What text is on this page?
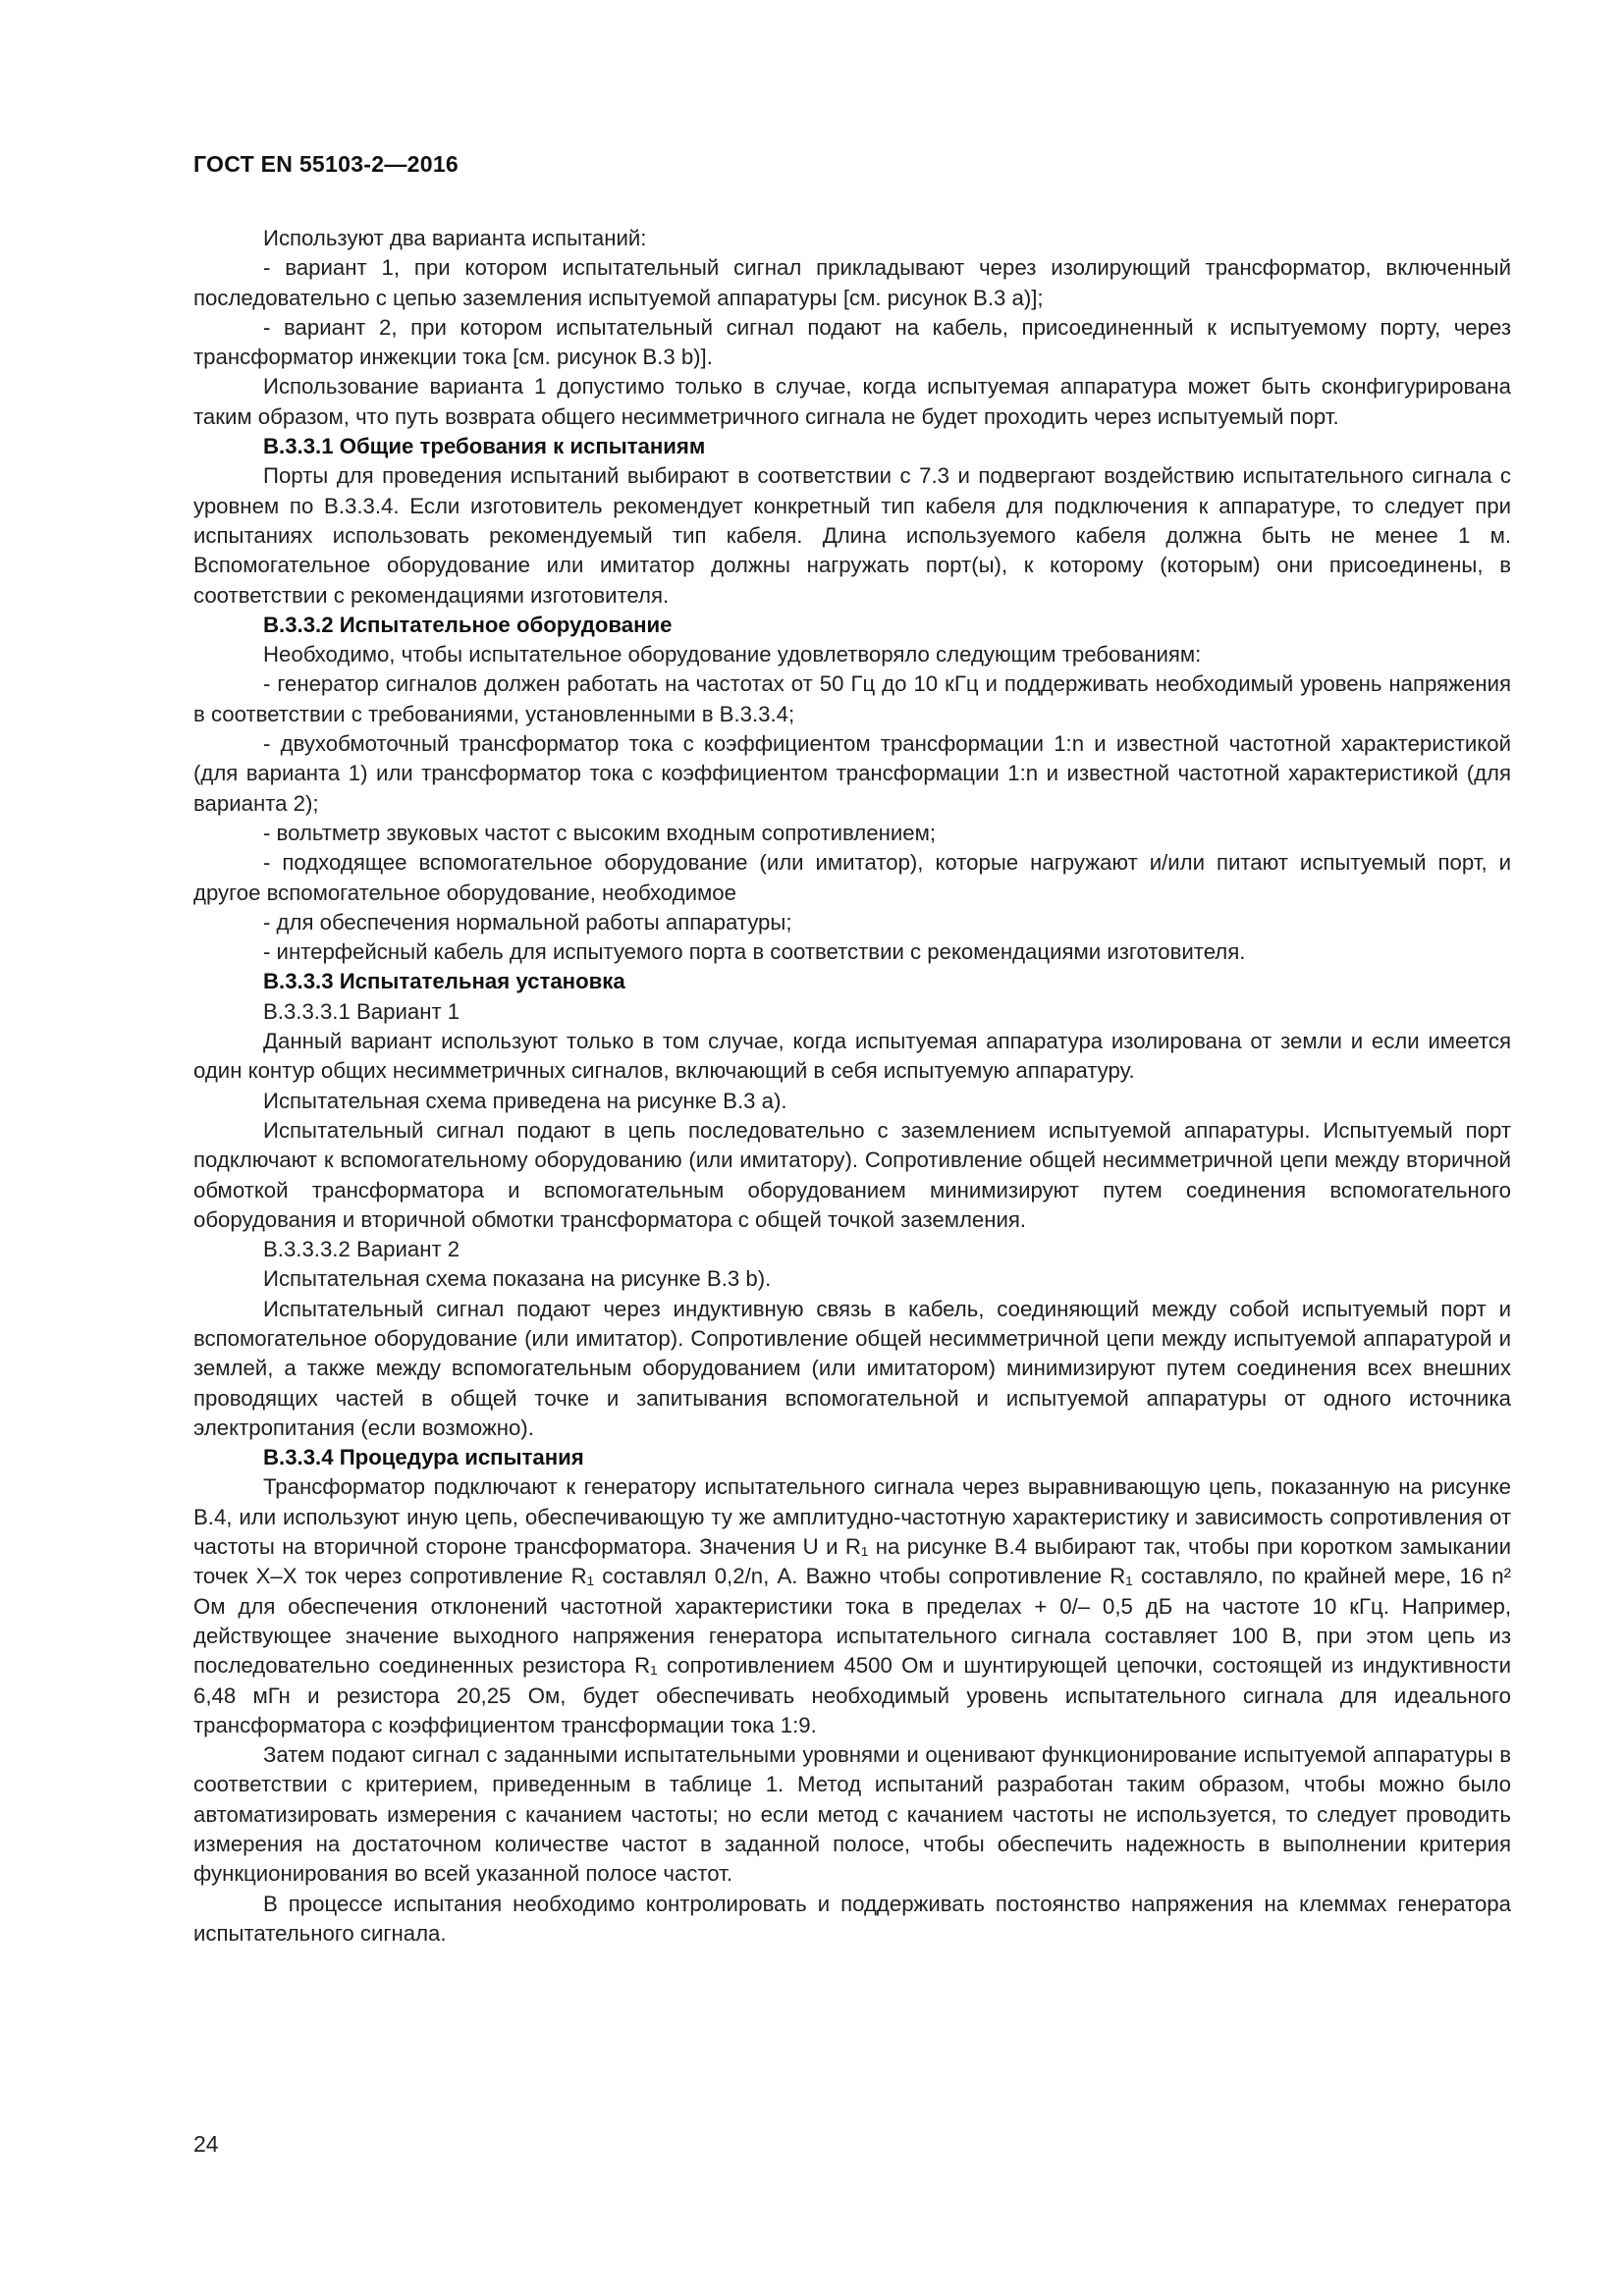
ГОСТ EN 55103-2—2016

Используют два варианта испытаний:

- вариант 1, при котором испытательный сигнал прикладывают через изолирующий трансформатор, включенный последовательно с цепью заземления испытуемой аппаратуры [см. рисунок B.3 a)];

- вариант 2, при котором испытательный сигнал подают на кабель, присоединенный к испытуемому порту, через трансформатор инжекции тока [см. рисунок B.3 b)].

Использование варианта 1 допустимо только в случае, когда испытуемая аппаратура может быть сконфигурирована таким образом, что путь возврата общего несимметричного сигнала не будет проходить через испытуемый порт.

B.3.3.1 Общие требования к испытаниям

Порты для проведения испытаний выбирают в соответствии с 7.3 и подвергают воздействию испытательного сигнала с уровнем по B.3.3.4. Если изготовитель рекомендует конкретный тип кабеля для подключения к аппаратуре, то следует при испытаниях использовать рекомендуемый тип кабеля. Длина используемого кабеля должна быть не менее 1 м. Вспомогательное оборудование или имитатор должны нагружать порт(ы), к которому (которым) они присоединены, в соответствии с рекомендациями изготовителя.

B.3.3.2 Испытательное оборудование

Необходимо, чтобы испытательное оборудование удовлетворяло следующим требованиям:

- генератор сигналов должен работать на частотах от 50 Гц до 10 кГц и поддерживать необходимый уровень напряжения в соответствии с требованиями, установленными в B.3.3.4;

- двухобмоточный трансформатор тока с коэффициентом трансформации 1:n и известной частотной характеристикой (для варианта 1) или трансформатор тока с коэффициентом трансформации 1:n и известной частотной характеристикой (для варианта 2);

- вольтметр звуковых частот с высоким входным сопротивлением;

- подходящее вспомогательное оборудование (или имитатор), которые нагружают и/или питают испытуемый порт, и другое вспомогательное оборудование, необходимое

- для обеспечения нормальной работы аппаратуры;

- интерфейсный кабель для испытуемого порта в соответствии с рекомендациями изготовителя.

B.3.3.3 Испытательная установка

B.3.3.3.1 Вариант 1

Данный вариант используют только в том случае, когда испытуемая аппаратура изолирована от земли и если имеется один контур общих несимметричных сигналов, включающий в себя испытуемую аппаратуру.

Испытательная схема приведена на рисунке B.3 a).

Испытательный сигнал подают в цепь последовательно с заземлением испытуемой аппаратуры. Испытуемый порт подключают к вспомогательному оборудованию (или имитатору). Сопротивление общей несимметричной цепи между вторичной обмоткой трансформатора и вспомогательным оборудованием минимизируют путем соединения вспомогательного оборудования и вторичной обмотки трансформатора с общей точкой заземления.

B.3.3.3.2 Вариант 2

Испытательная схема показана на рисунке B.3 b).

Испытательный сигнал подают через индуктивную связь в кабель, соединяющий между собой испытуемый порт и вспомогательное оборудование (или имитатор). Сопротивление общей несимметричной цепи между испытуемой аппаратурой и землей, а также между вспомогательным оборудованием (или имитатором) минимизируют путем соединения всех внешних проводящих частей в общей точке и запитывания вспомогательной и испытуемой аппаратуры от одного источника электропитания (если возможно).

B.3.3.4 Процедура испытания

Трансформатор подключают к генератору испытательного сигнала через выравнивающую цепь, показанную на рисунке B.4, или используют иную цепь, обеспечивающую ту же амплитудно-частотную характеристику и зависимость сопротивления от частоты на вторичной стороне трансформатора. Значения U и R₁ на рисунке B.4 выбирают так, чтобы при коротком замыкании точек X–X ток через сопротивление R₁ составлял 0,2/n, А. Важно чтобы сопротивление R₁ составляло, по крайней мере, 16 n² Ом для обеспечения отклонений частотной характеристики тока в пределах + 0/– 0,5 дБ на частоте 10 кГц. Например, действующее значение выходного напряжения генератора испытательного сигнала составляет 100 В, при этом цепь из последовательно соединенных резистора R₁ сопротивлением 4500 Ом и шунтирующей цепочки, состоящей из индуктивности 6,48 мГн и резистора 20,25 Ом, будет обеспечивать необходимый уровень испытательного сигнала для идеального трансформатора с коэффициентом трансформации тока 1:9.

Затем подают сигнал с заданными испытательными уровнями и оценивают функционирование испытуемой аппаратуры в соответствии с критерием, приведенным в таблице 1. Метод испытаний разработан таким образом, чтобы можно было автоматизировать измерения с качанием частоты; но если метод с качанием частоты не используется, то следует проводить измерения на достаточном количестве частот в заданной полосе, чтобы обеспечить надежность в выполнении критерия функционирования во всей указанной полосе частот.

В процессе испытания необходимо контролировать и поддерживать постоянство напряжения на клеммах генератора испытательного сигнала.

24
